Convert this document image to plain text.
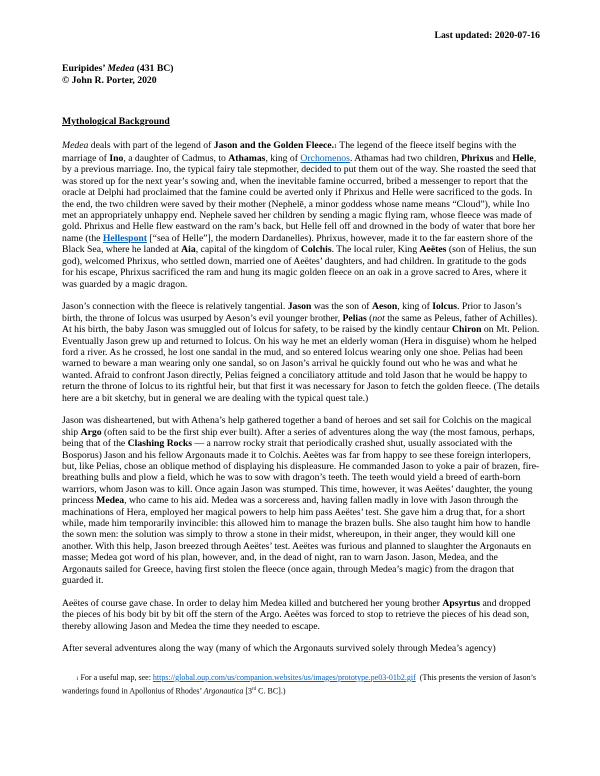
Last updated: 2020-07-16
Euripides’ Medea (431 BC)
© John R. Porter, 2020
Mythological Background

Medea deals with part of the legend of Jason and the Golden Fleece.1 The legend of the fleece itself begins with the marriage of Ino, a daughter of Cadmus, to Athamas, king of Orchomenos. Athamas had two children, Phrixus and Helle, by a previous marriage. Ino, the typical fairy tale stepmother, decided to put them out of the way. She roasted the seed that was stored up for the next year’s sowing and, when the inevitable famine occurred, bribed a messenger to report that the oracle at Delphi had proclaimed that the famine could be averted only if Phrixus and Helle were sacrificed to the gods. In the end, the two children were saved by their mother (Nephelē, a minor goddess whose name means “Cloud”), while Ino met an appropriately unhappy end. Nephele saved her children by sending a magic flying ram, whose fleece was made of gold. Phrixus and Helle flew eastward on the ram’s back, but Helle fell off and drowned in the body of water that bore her name (the Hellespont [“sea of Helle”], the modern Dardanelles). Phrixus, however, made it to the far eastern shore of the Black Sea, where he landed at Aia, capital of the kingdom of Colchis. The local ruler, King Aeëtes (son of Helius, the sun god), welcomed Phrixus, who settled down, married one of Aeëtes’ daughters, and had children. In gratitude to the gods for his escape, Phrixus sacrificed the ram and hung its magic golden fleece on an oak in a grove sacred to Ares, where it was guarded by a magic dragon.

Jason’s connection with the fleece is relatively tangential. Jason was the son of Aeson, king of Iolcus. Prior to Jason’s birth, the throne of Iolcus was usurped by Aeson’s evil younger brother, Pelias (not the same as Peleus, father of Achilles). At his birth, the baby Jason was smuggled out of Iolcus for safety, to be raised by the kindly centaur Chiron on Mt. Pelion. Eventually Jason grew up and returned to Iolcus. On his way he met an elderly woman (Hera in disguise) whom he helped ford a river. As he crossed, he lost one sandal in the mud, and so entered Iolcus wearing only one shoe. Pelias had been warned to beware a man wearing only one sandal, so on Jason’s arrival he quickly found out who he was and what he wanted. Afraid to confront Jason directly, Pelias feigned a conciliatory attitude and told Jason that he would be happy to return the throne of Iolcus to its rightful heir, but that first it was necessary for Jason to fetch the golden fleece. (The details here are a bit sketchy, but in general we are dealing with the typical quest tale.)

Jason was disheartened, but with Athena’s help gathered together a band of heroes and set sail for Colchis on the magical ship Argo (often said to be the first ship ever built). After a series of adventures along the way (the most famous, perhaps, being that of the Clashing Rocks — a narrow rocky strait that periodically crashed shut, usually associated with the Bosporus) Jason and his fellow Argonauts made it to Colchis. Aeëtes was far from happy to see these foreign interlopers, but, like Pelias, chose an oblique method of displaying his displeasure. He commanded Jason to yoke a pair of brazen, fire-breathing bulls and plow a field, which he was to sow with dragon’s teeth. The teeth would yield a breed of earth-born warriors, whom Jason was to kill. Once again Jason was stumped. This time, however, it was Aeëtes’ daughter, the young princess Medea, who came to his aid. Medea was a sorceress and, having fallen madly in love with Jason through the machinations of Hera, employed her magical powers to help him pass Aeëtes’ test. She gave him a drug that, for a short while, made him temporarily invincible: this allowed him to manage the brazen bulls. She also taught him how to handle the sown men: the solution was simply to throw a stone in their midst, whereupon, in their anger, they would kill one another. With this help, Jason breezed through Aeëtes’ test. Aeëtes was furious and planned to slaughter the Argonauts en masse; Medea got word of his plan, however, and, in the dead of night, ran to warn Jason. Jason, Medea, and the Argonauts sailed for Greece, having first stolen the fleece (once again, through Medea’s magic) from the dragon that guarded it.

Aeëtes of course gave chase. In order to delay him Medea killed and butchered her young brother Apsyrtus and dropped the pieces of his body bit by bit off the stern of the Argo. Aeëtes was forced to stop to retrieve the pieces of his dead son, thereby allowing Jason and Medea the time they needed to escape.

After several adventures along the way (many of which the Argonauts survived solely through Medea’s agency)

1 For a useful map, see: https://global.oup.com/us/companion.websites/us/images/prototype.pe03-01b2.gif  (This presents the version of Jason’s wanderings found in Apollonius of Rhodes’ Argonautica [3rd C. BC].)
